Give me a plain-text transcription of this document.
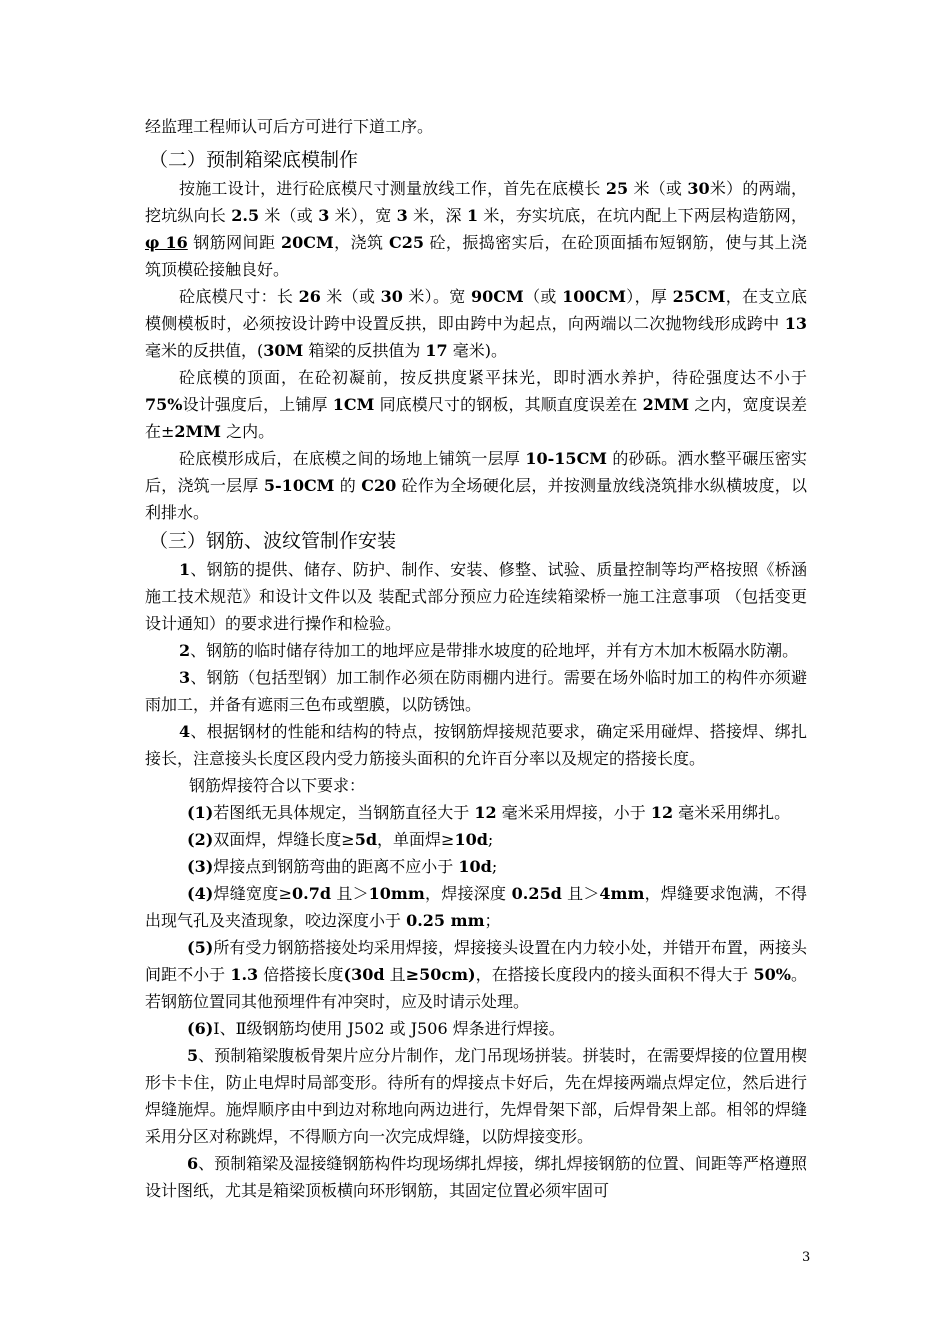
经监理工程师认可后方可进行下道工序。

（二）预制箱梁底模制作

按施工设计，进行砼底模尺寸测量放线工作，首先在底模长 25 米（或 30米）的两端，挖坑纵向长 2.5 米（或 3 米），宽 3 米，深 1 米，夯实坑底，在坑内配上下两层构造筋网，φ 16 钢筋网间距 20CM，浇筑 C25 砼，振捣密实后，在砼顶面插布短钢筋，使与其上浇筑顶模砼接触良好。

砼底模尺寸：长 26 米（或 30 米）。宽 90CM（或 100CM），厚 25CM，在支立底模侧模板时，必须按设计跨中设置反拱，即由跨中为起点，向两端以二次抛物线形成跨中 13 毫米的反拱值，(30M 箱梁的反拱值为 17 毫米)。

砼底模的顶面，在砼初凝前，按反拱度紧平抹光，即时洒水养护，待砼强度达不小于 75%设计强度后，上铺厚 1CM 同底模尺寸的钢板，其顺直度误差在 2MM 之内，宽度误差在±2MM 之内。

砼底模形成后，在底模之间的场地上铺筑一层厚 10-15CM 的砂砾。洒水整平碾压密实后，浇筑一层厚 5-10CM 的 C20 砼作为全场硬化层，并按测量放线浇筑排水纵横坡度，以利排水。

（三）钢筋、波纹管制作安装

1、钢筋的提供、储存、防护、制作、安装、修整、试验、质量控制等均严格按照《桥涵施工技术规范》和设计文件以及 装配式部分预应力砼连续箱梁桥一施工注意事项 （包括变更设计通知）的要求进行操作和检验。

2、钢筋的临时储存待加工的地坪应是带排水坡度的砼地坪，并有方木加木板隔水防潮。

3、钢筋（包括型钢）加工制作必须在防雨棚内进行。需要在场外临时加工的构件亦须避雨加工，并备有遮雨三色布或塑膜，以防锈蚀。

4、根据钢材的性能和结构的特点，按钢筋焊接规范要求，确定采用碰焊、搭接焊、绑扎接长，注意接头长度区段内受力筋接头面积的允许百分率以及规定的搭接长度。

钢筋焊接符合以下要求：

(1)若图纸无具体规定，当钢筋直径大于 12 毫米采用焊接，小于 12 毫米采用绑扎。

(2)双面焊，焊缝长度≥5d，单面焊≥10d;

(3)焊接点到钢筋弯曲的距离不应小于 10d;

(4)焊缝宽度≥0.7d 且＞10mm，焊接深度 0.25d 且＞4mm，焊缝要求饱满，不得出现气孔及夹渣现象，咬边深度小于 0.25 mm；

(5)所有受力钢筋搭接处均采用焊接，焊接接头设置在内力较小处，并错开布置，两接头间距不小于 1.3 倍搭接长度(30d 且≥50cm)，在搭接长度段内的接头面积不得大于 50%。若钢筋位置同其他预埋件有冲突时，应及时请示处理。

(6)Ⅰ、Ⅱ级钢筋均使用 J502 或 J506 焊条进行焊接。

5、预制箱梁腹板骨架片应分片制作，龙门吊现场拼装。拼装时，在需要焊接的位置用楔形卡卡住，防止电焊时局部变形。待所有的焊接点卡好后，先在焊接两端点焊定位，然后进行焊缝施焊。施焊顺序由中到边对称地向两边进行，先焊骨架下部，后焊骨架上部。相邻的焊缝采用分区对称跳焊，不得顺方向一次完成焊缝，以防焊接变形。

6、预制箱梁及湿接缝钢筋构件均现场绑扎焊接，绑扎焊接钢筋的位置、间距等严格遵照设计图纸，尤其是箱梁顶板横向环形钢筋，其固定位置必须牢固可

3
